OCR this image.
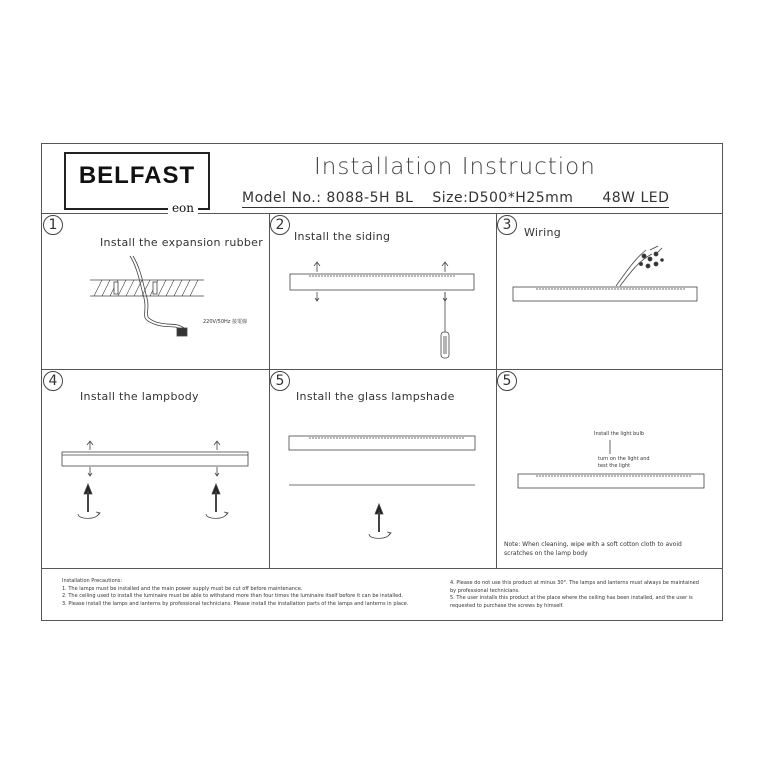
BELFAST
eon
Installation Instruction
Model No.: 8088-5H BL Size:D500*H25mm 48W LED
1
Install the expansion rubber
220V/50Hz 接電線
2
Install the siding
3	Wiring
4
Install the lampbody
5
Install the glass lampshade
5
Install the light bulb
turn on the light and
test the light
Note: When cleaning, wipe with a soft cotton cloth to avoid
scratches on the lamp body
Installation Precautions:
1. The lamps must be installed and the main power supply must be cut off before maintenance.
2. The ceiling used to install the luminaire must be able to withstand more than four times the luminaire itself before it can be installed.
3. Please install the lamps and lanterns by professional technicians. Please install the installation parts of the lamps and lanterns in place.
4. Please do not use this product at minus 30°. The lamps and lanterns must always be maintained
by professional technicians.
5. The user installs this product at the place where the ceiling has been installed, and the user is
requested to purchase the screws by himself.
